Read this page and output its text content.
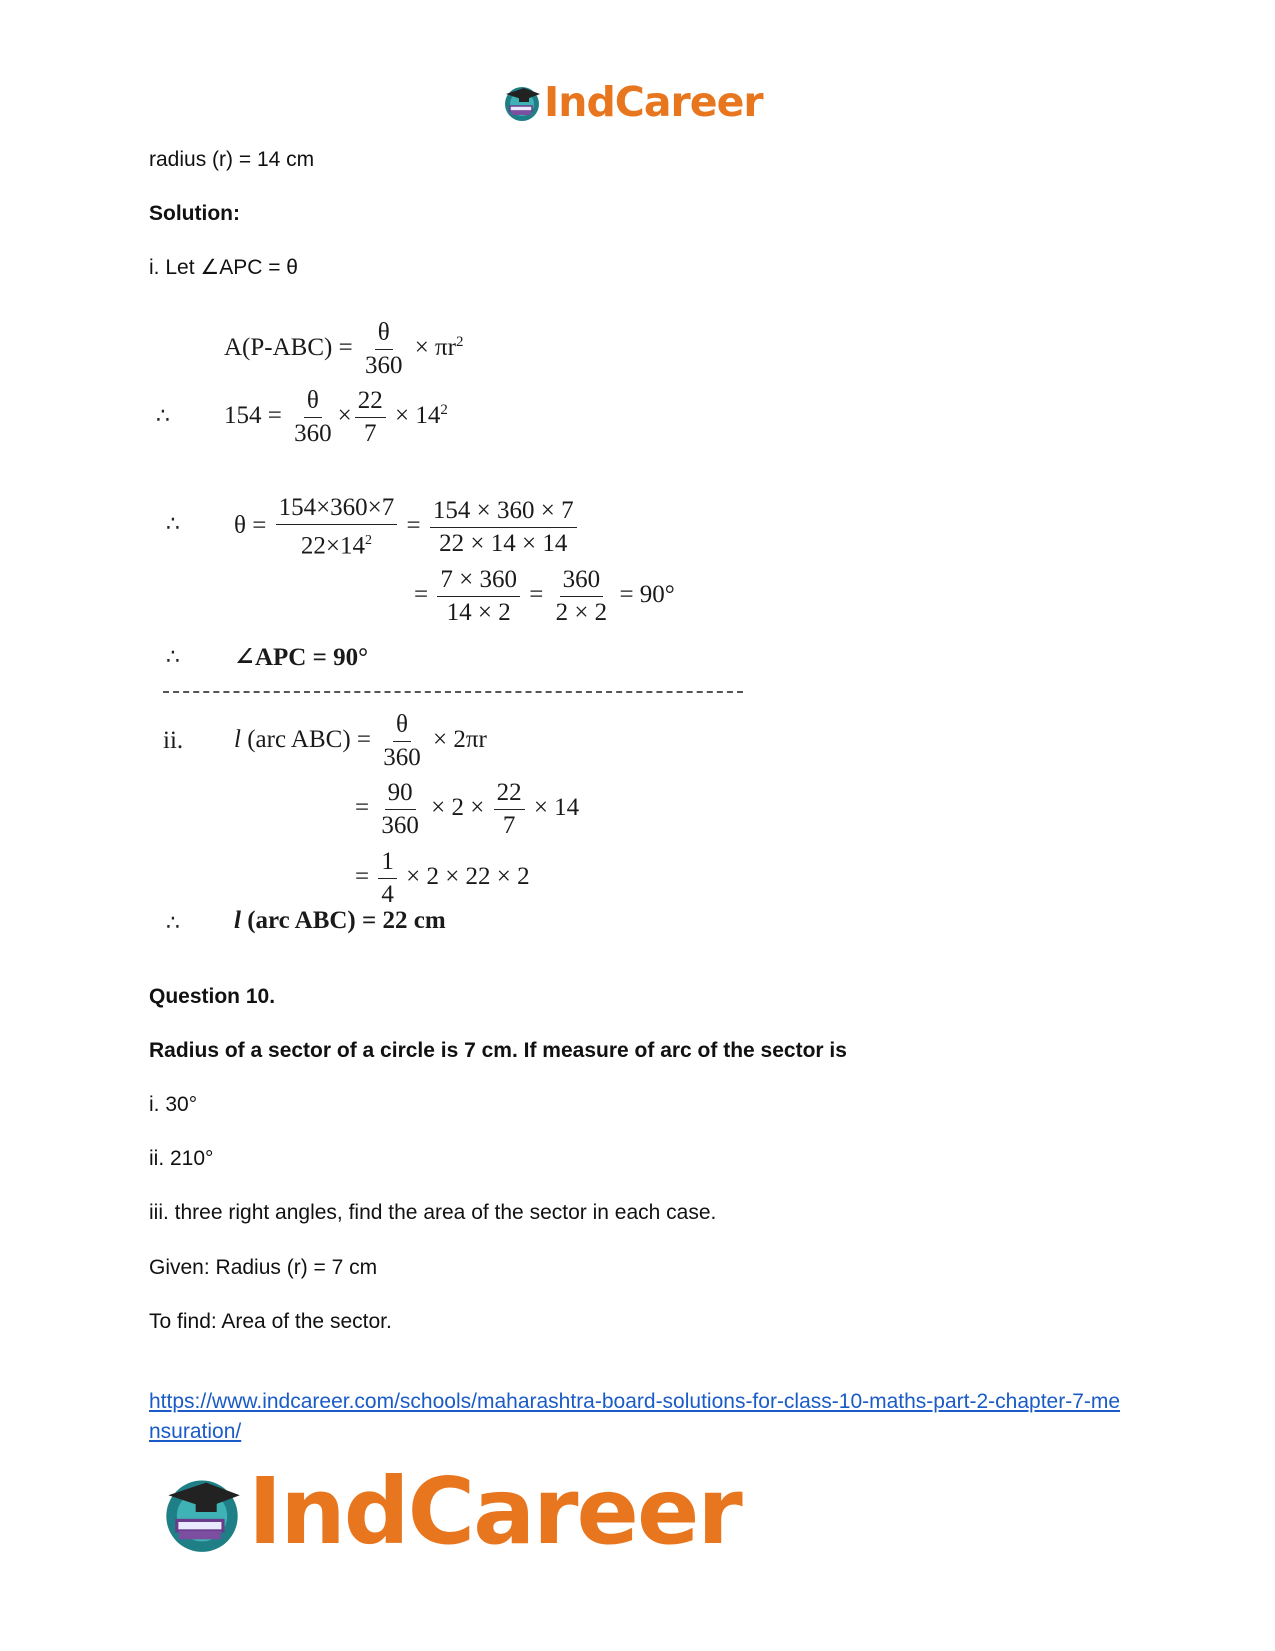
IndCareer
radius (r) = 14 cm
Solution:
i. Let ∠APC = θ
$A(P-ABC) = \frac{\theta}{360} \times \pi r^2$
∴ $154 = \frac{\theta}{360} \times \frac{22}{7} \times 14^2$
∴ $\theta = \frac{154\times 360\times 7}{22\times 14^2} = \frac{154 \times 360 \times 7}{22 \times 14 \times 14}$
= $\frac{7 \times 360}{14 \times 2} = \frac{360}{2 \times 2} = 90^\circ$
∴ ∠APC = 90°
ii. l (arc $ABC) = \frac{\theta}{360} \times 2\pi r$
= $\frac{90}{360} \times 2 \times \frac{22}{7} \times 14$
= $\frac{1}{4} \times 2 \times 22 \times 2$
∴ l (arc ABC) = 22 cm
Question 10.
Radius of a sector of a circle is 7 cm. If measure of arc of the sector is
i. 30°
ii. 210°
iii. three right angles, find the area of the sector in each case.
Given: Radius (r) = 7 cm
To find: Area of the sector.
https://www.indcareer.com/schools/maharashtra-board-solutions-for-class-10-maths-part-2-chapter-7-mensuration/
IndCareer
